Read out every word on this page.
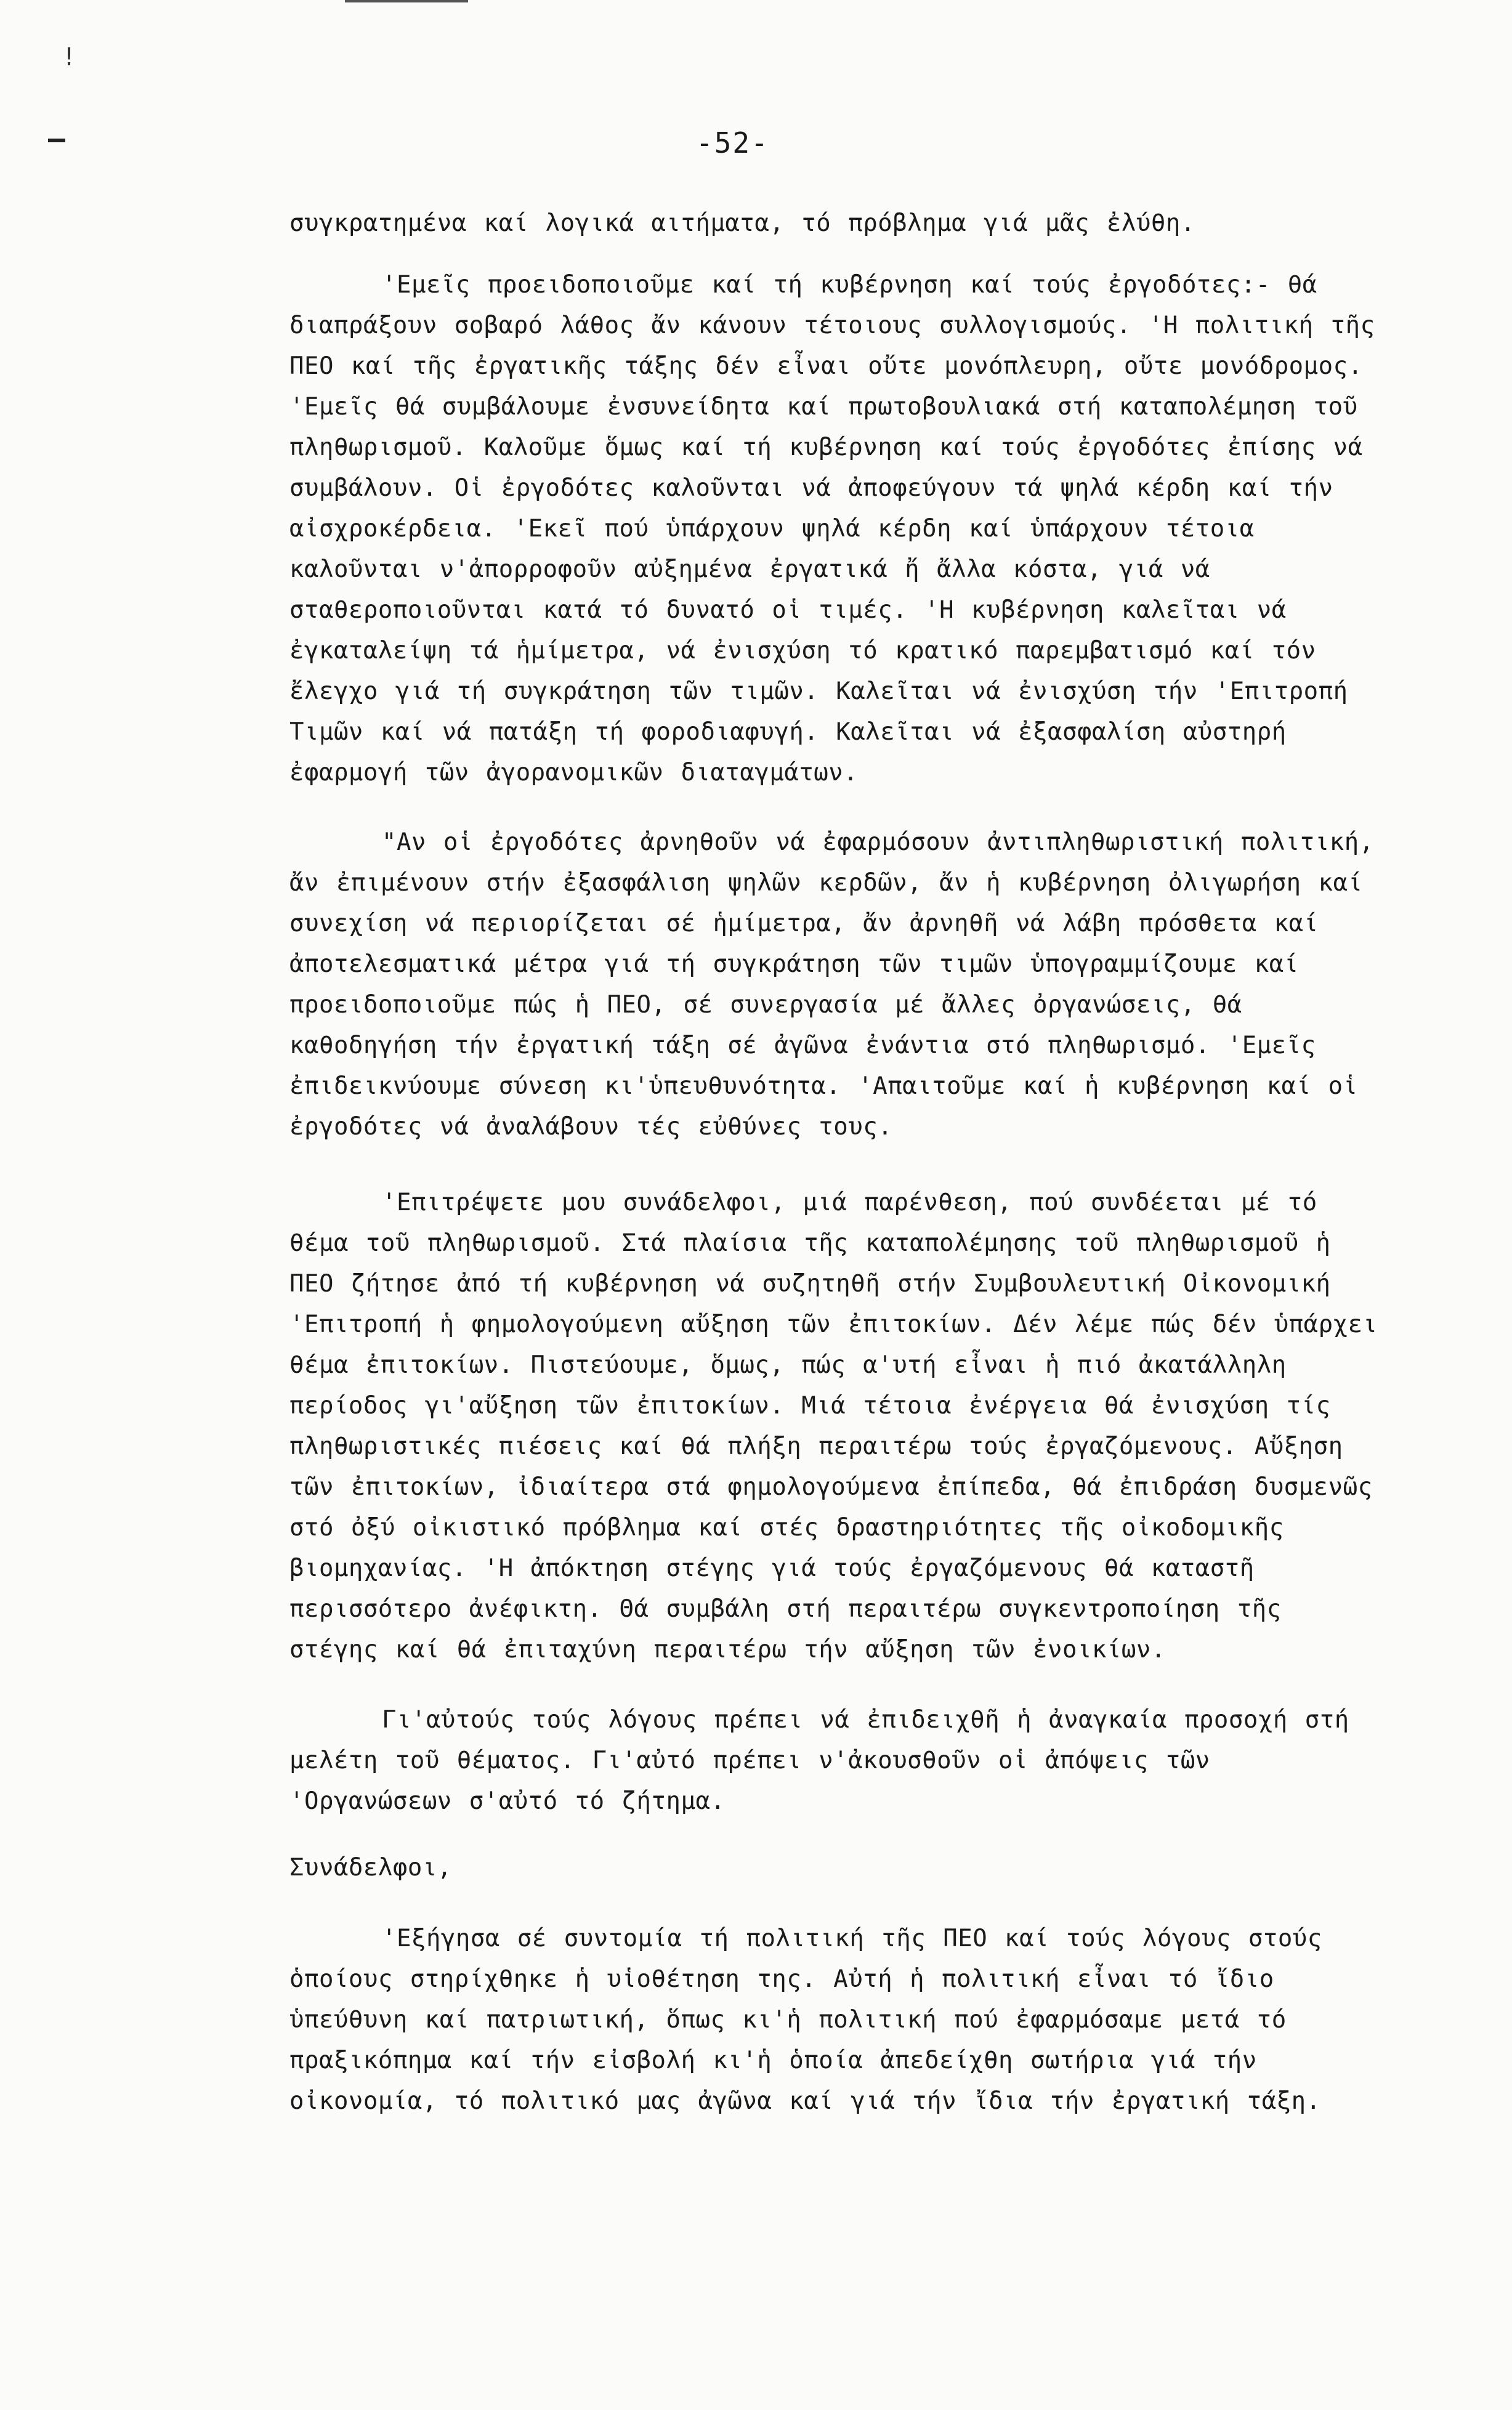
ǃ
-52-

συγκρατημένα καί λογικά αιτήματα, τό πρόβλημα γιά μᾶς ἐλύθη.

'Εμεῖς προειδοποιοῦμε καί τή κυβέρνηση καί τούς ἐργοδότες:- θά διαπράξουν σοβαρό λάθος ἄν κάνουν τέτοιους συλλογισμούς. 'Η πολιτική τῆς ΠΕΟ καί τῆς ἐργατικῆς τάξης δέν εἶναι οὔτε μονόπλευρη, οὔτε μονόδρομος. 'Εμεῖς θά συμβάλουμε ἐνσυνείδητα καί πρωτοβουλιακά στή καταπολέμηση τοῦ πληθωρισμοῦ. Καλοῦμε ὅμως καί τή κυβέρνηση καί τούς ἐργοδότες ἐπίσης νά συμβάλουν. Οἱ ἐργοδότες καλοῦνται νά ἀποφεύγουν τά ψηλά κέρδη καί τήν αἰσχροκέρδεια. 'Εκεῖ πού ὑπάρχουν ψηλά κέρδη καί ὑπάρχουν τέτοια καλοῦνται ν'ἀπορροφοῦν αὐξημένα ἐργατικά ἤ ἄλλα κόστα, γιά νά σταθεροποιοῦνται κατά τό δυνατό οἱ τιμές. 'Η κυβέρνηση καλεῖται νά ἐγκαταλείψη τά ἡμίμετρα, νά ἐνισχύση τό κρατικό παρεμβατισμό καί τόν ἔλεγχο γιά τή συγκράτηση τῶν τιμῶν. Καλεῖται νά ἐνισχύση τήν 'Επιτροπή Τιμῶν καί νά πατάξη τή φοροδιαφυγή. Καλεῖται νά ἐξασφαλίση αὐστηρή ἐφαρμογή τῶν ἀγορανομικῶν διαταγμάτων.

"Αν οἱ ἐργοδότες ἀρνηθοῦν νά ἐφαρμόσουν ἀντιπληθωριστική πολιτική, ἄν ἐπιμένουν στήν ἐξασφάλιση ψηλῶν κερδῶν, ἄν ἡ κυβέρνηση ὀλιγωρήση καί συνεχίση νά περιορίζεται σέ ἡμίμετρα, ἄν ἀρνηθῆ νά λάβη πρόσθετα καί ἀποτελεσματικά μέτρα γιά τή συγκράτηση τῶν τιμῶν ὑπογραμμίζουμε καί προειδοποιοῦμε πώς ἡ ΠΕΟ, σέ συνεργασία μέ ἄλλες ὀργανώσεις, θά καθοδηγήση τήν ἐργατική τάξη σέ ἀγῶνα ἐνάντια στό πληθωρισμό. 'Εμεῖς ἐπιδεικνύουμε σύνεση κι'ὑπευθυνότητα. 'Απαιτοῦμε καί ἡ κυβέρνηση καί οἱ ἐργοδότες νά ἀναλάβουν τές εὐθύνες τους.

'Επιτρέψετε μου συνάδελφοι, μιά παρένθεση, πού συνδέεται μέ τό θέμα τοῦ πληθωρισμοῦ. Στά πλαίσια τῆς καταπολέμησης τοῦ πληθωρισμοῦ ἡ ΠΕΟ ζήτησε ἀπό τή κυβέρνηση νά συζητηθῆ στήν Συμβουλευτική Οἰκονομική 'Επιτροπή ἡ φημολογούμενη αὔξηση τῶν ἐπιτοκίων. Δέν λέμε πώς δέν ὑπάρχει θέμα ἐπιτοκίων. Πιστεύουμε, ὅμως, πώς α'υτή εἶναι ἡ πιό ἀκατάλληλη περίοδος γι'αὔξηση τῶν ἐπιτοκίων. Μιά τέτοια ἐνέργεια θά ἐνισχύση τίς πληθωριστικές πιέσεις καί θά πλήξη περαιτέρω τούς ἐργαζόμενους. Αὔξηση τῶν ἐπιτοκίων, ἰδιαίτερα στά φημολογούμενα ἐπίπεδα, θά ἐπιδράση δυσμενῶς στό ὀξύ οἰκιστικό πρόβλημα καί στές δραστηριότητες τῆς οἰκοδομικῆς βιομηχανίας. 'Η ἀπόκτηση στέγης γιά τούς ἐργαζόμενους θά καταστῆ περισσότερο ἀνέφικτη. Θά συμβάλη στή περαιτέρω συγκεντροποίηση τῆς στέγης καί θά ἐπιταχύνη περαιτέρω τήν αὔξηση τῶν ἐνοικίων.

Γι'αὐτούς τούς λόγους πρέπει νά ἐπιδειχθῆ ἡ ἀναγκαία προσοχή στή μελέτη τοῦ θέματος. Γι'αὐτό πρέπει ν'ἀκουσθοῦν οἱ ἀπόψεις τῶν 'Οργανώσεων σ'αὐτό τό ζήτημα.

Συνάδελφοι,

'Εξήγησα σέ συντομία τή πολιτική τῆς ΠΕΟ καί τούς λόγους στούς ὁποίους στηρίχθηκε ἡ υἱοθέτηση της. Αὐτή ἡ πολιτική εἶναι τό ἴδιο ὑπεύθυνη καί πατριωτική, ὅπως κι'ἡ πολιτική πού ἐφαρμόσαμε μετά τό πραξικόπημα καί τήν εἰσβολή κι'ἡ ὁποία ἀπεδείχθη σωτήρια γιά τήν οἰκονομία, τό πολιτικό μας ἀγῶνα καί γιά τήν ἴδια τήν ἐργατική τάξη.
